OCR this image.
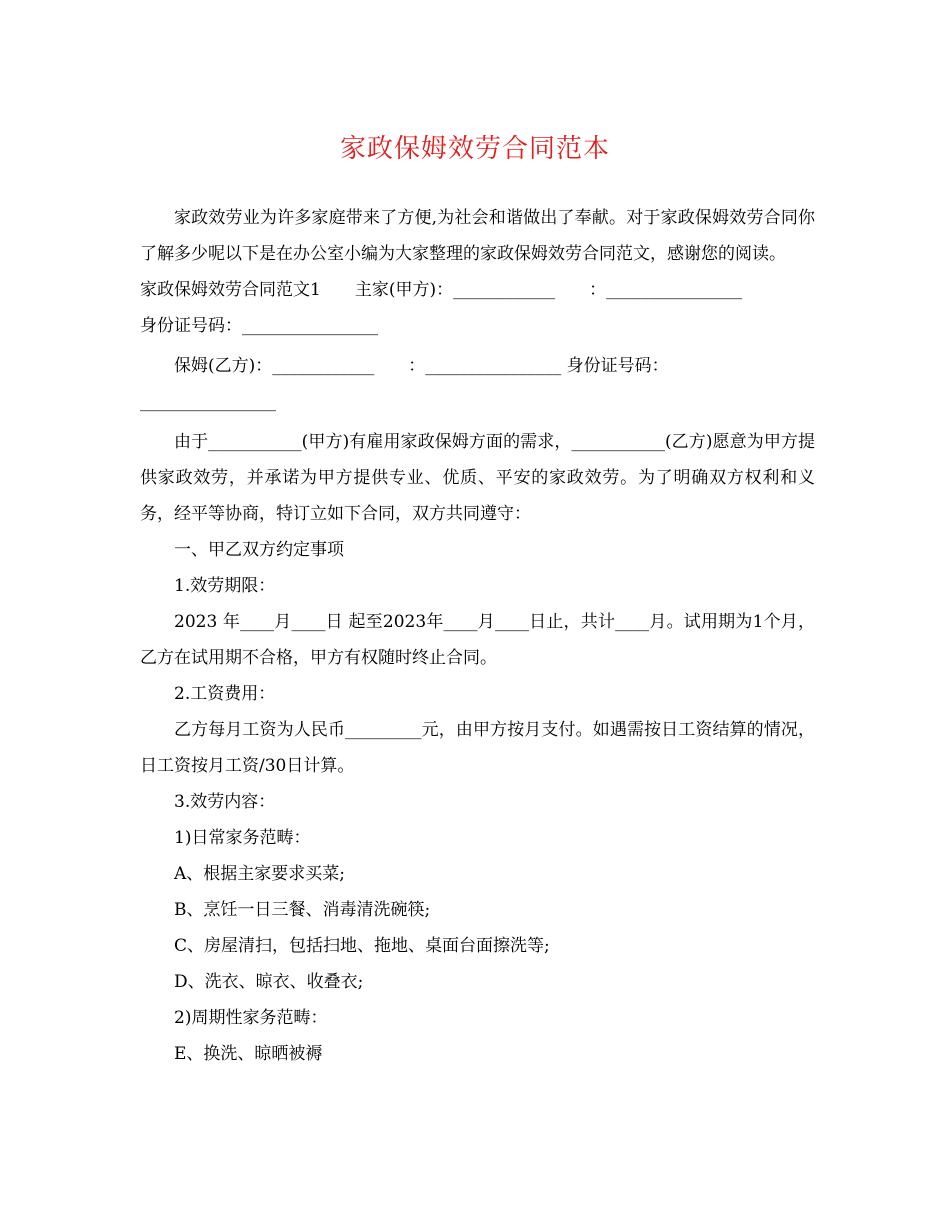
家政保姆效劳合同范本

家政效劳业为许多家庭带来了方便,为社会和谐做出了奉献。对于家政保姆效劳合同你了解多少呢以下是在办公室小编为大家整理的家政保姆效劳合同范文，感谢您的阅读。

家政保姆效劳合同范文1　　主家(甲方)：____________　　：________________

身份证号码：________________

保姆(乙方)：____________　　：________________ 身份证号码：

________________

由于___________(甲方)有雇用家政保姆方面的需求，___________(乙方)愿意为甲方提供家政效劳，并承诺为甲方提供专业、优质、平安的家政效劳。为了明确双方权利和义务，经平等协商，特订立如下合同，双方共同遵守：

一、甲乙双方约定事项

1.效劳期限：

2023 年____月____日 起至2023年____月____日止，共计____月。试用期为1个月，乙方在试用期不合格，甲方有权随时终止合同。

2.工资费用：

乙方每月工资为人民币_________元，由甲方按月支付。如遇需按日工资结算的情况，日工资按月工资/30日计算。

3.效劳内容：

1)日常家务范畴：

A、根据主家要求买菜;

B、烹饪一日三餐、消毒清洗碗筷;

C、房屋清扫，包括扫地、拖地、桌面台面擦洗等;

D、洗衣、晾衣、收叠衣;

2)周期性家务范畴：

E、换洗、晾晒被褥
